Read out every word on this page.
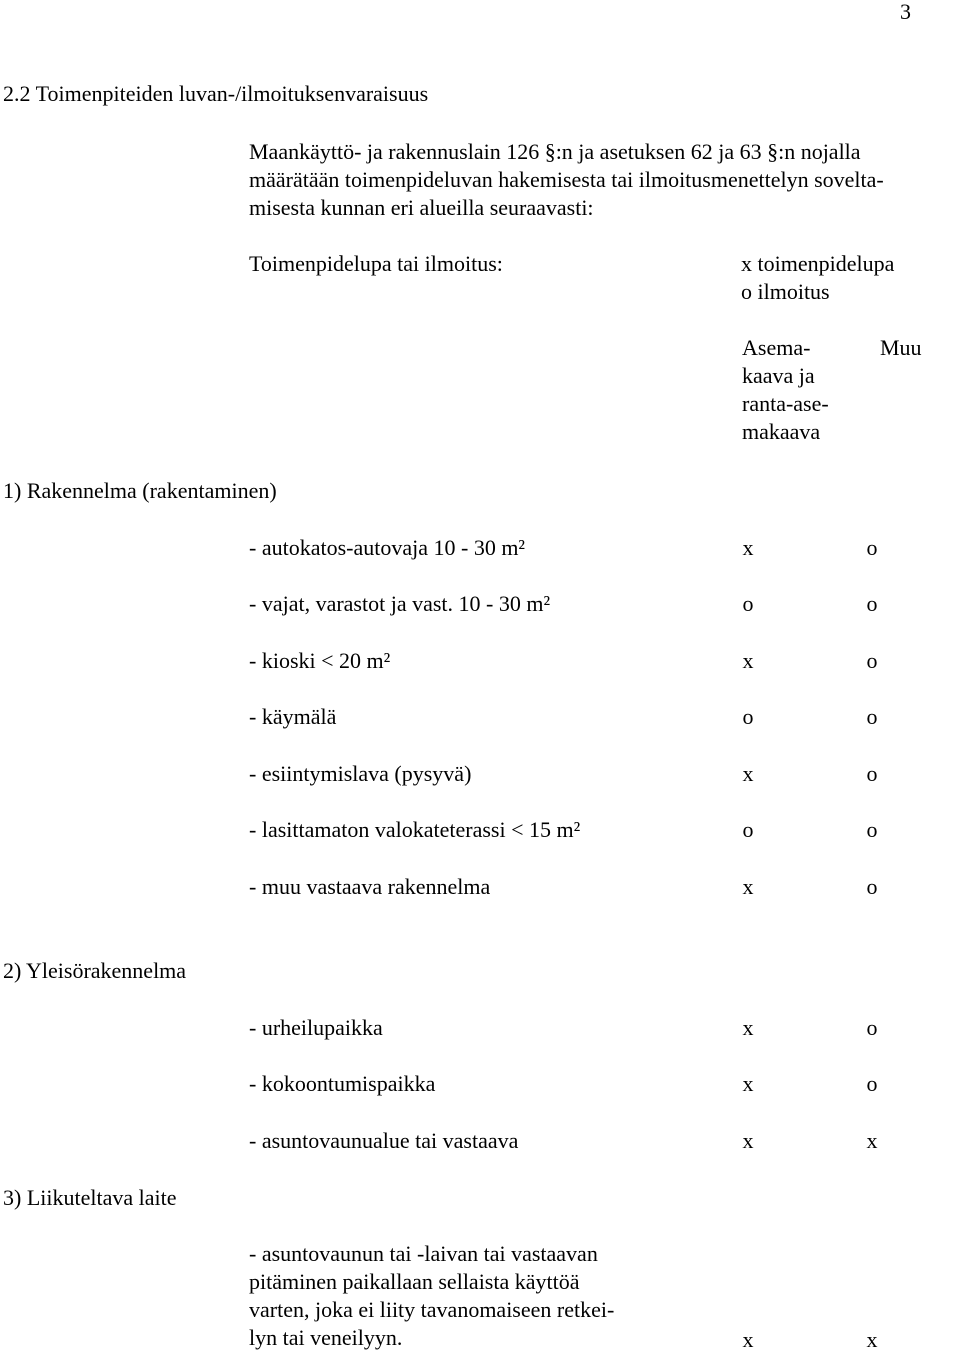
3
2.2 Toimenpiteiden luvan-/ilmoituksenvaraisuus
Maankäyttö- ja rakennuslain 126 §:n ja asetuksen 62 ja 63 §:n nojalla
määrätään toimenpideluvan hakemisesta tai ilmoitusmenettelyn sovelta-
misesta kunnan eri alueilla seuraavasti:
Toimenpidelupa tai ilmoitus:	x toimenpidelupa
o ilmoitus
Asema-
kaava ja
ranta-ase-
makaava
Muu
1) Rakennelma (rakentaminen)
- autokatos-autovaja 10 - 30 m²	x	o
- vajat, varastot ja vast. 10 - 30 m²	o	o
- kioski < 20 m²	x	o
- käymälä	o	o
- esiintymislava (pysyvä)	x	o
- lasittamaton valokateterassi < 15 m²	o	o
- muu vastaava rakennelma	x	o
2) Yleisörakennelma
- urheilupaikka	x	o
- kokoontumispaikka	x	o
- asuntovaunualue tai vastaava	x	x
3) Liikuteltava laite
- asuntovaunun tai -laivan tai vastaavan
pitäminen paikallaan sellaista käyttöä
varten, joka ei liity tavanomaiseen retkei-
lyn tai veneilyyn.	x	x
